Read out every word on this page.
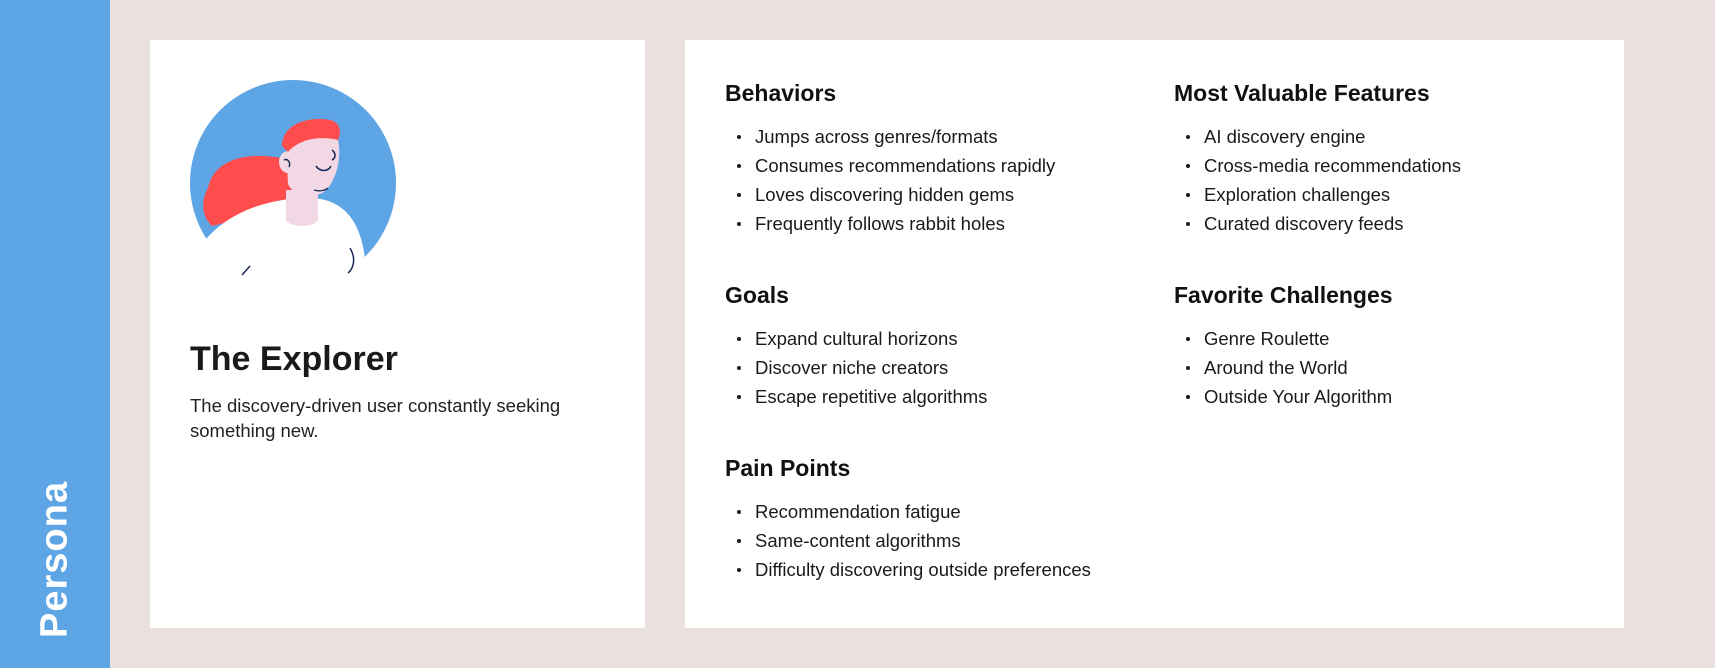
Persona
The Explorer

The discovery-driven user constantly seeking something new.

Behaviors
Jumps across genres/formats
Consumes recommendations rapidly
Loves discovering hidden gems
Frequently follows rabbit holes
Goals
Expand cultural horizons
Discover niche creators
Escape repetitive algorithms
Pain Points
Recommendation fatigue
Same-content algorithms
Difficulty discovering outside preferences
Most Valuable Features
AI discovery engine
Cross-media recommendations
Exploration challenges
Curated discovery feeds
Favorite Challenges
Genre Roulette
Around the World
Outside Your Algorithm
